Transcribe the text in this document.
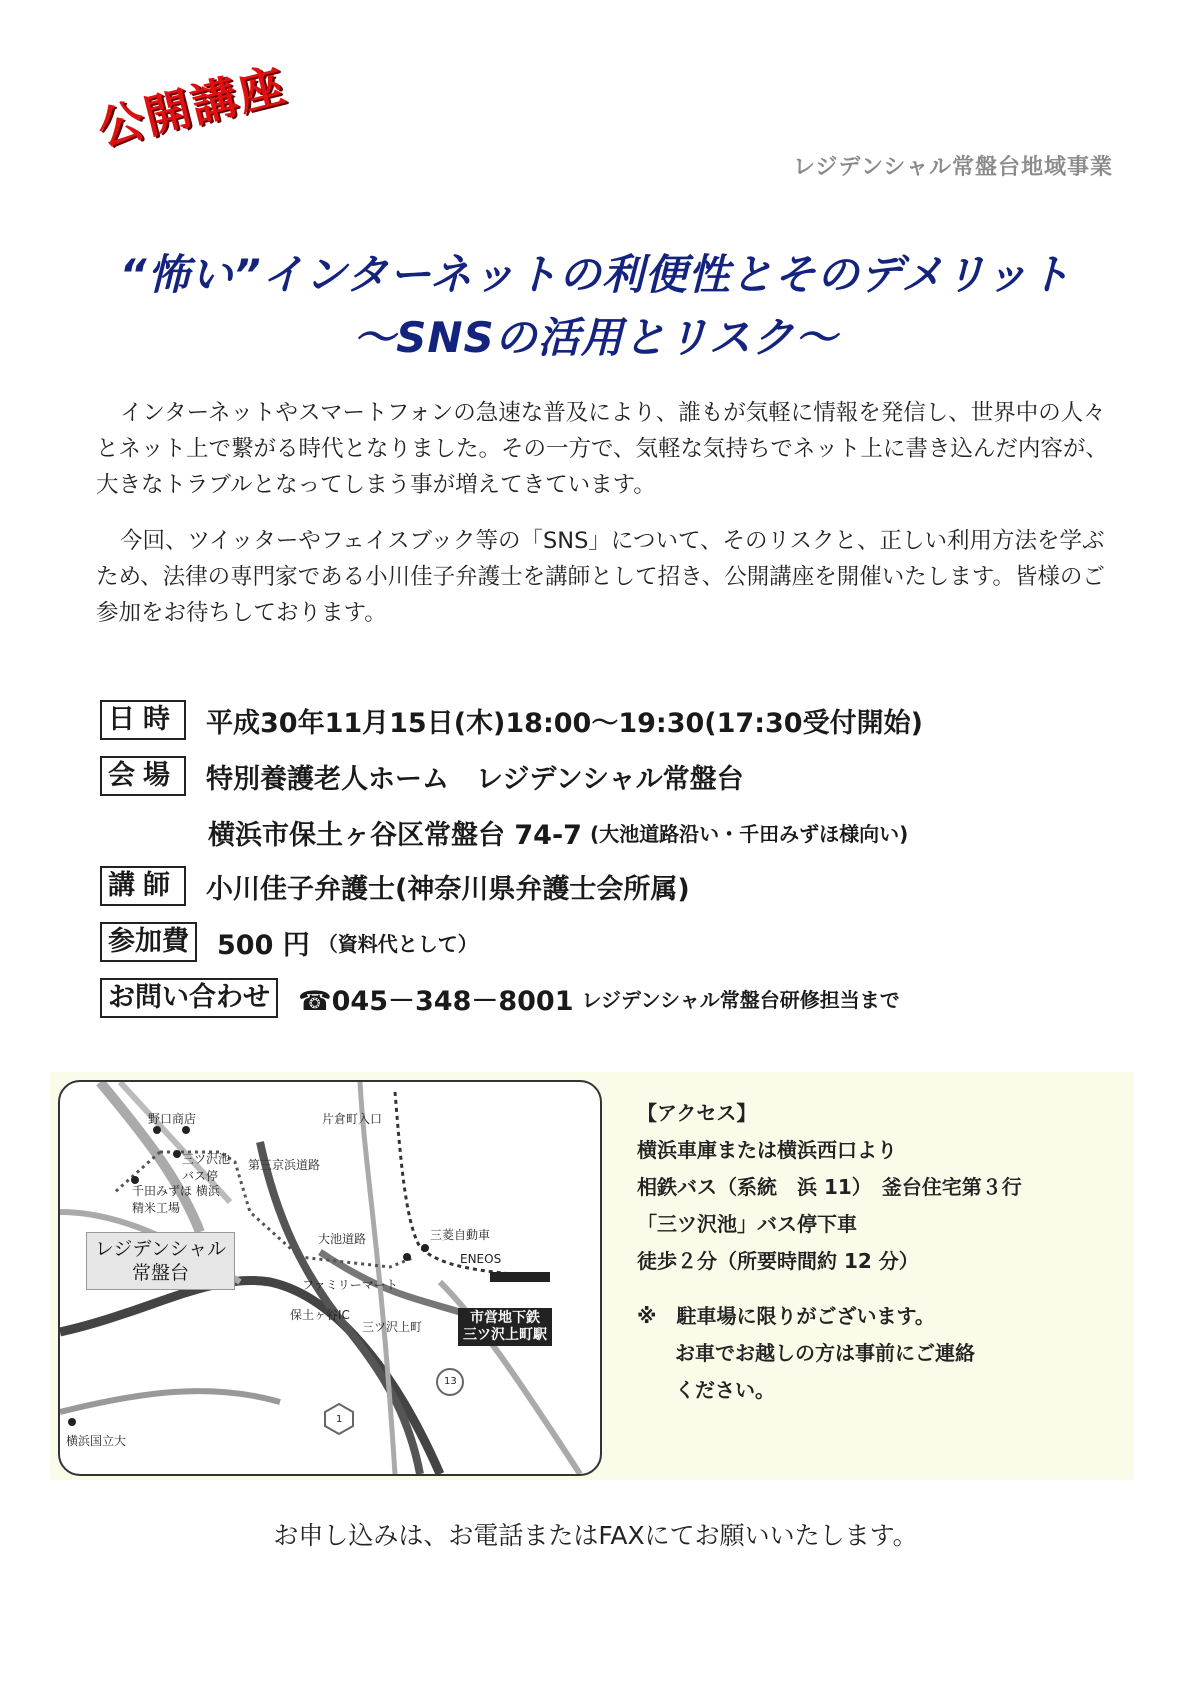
公開講座
レジデンシャル常盤台地域事業
“怖い”インターネットの利便性とそのデメリット
～SNSの活用とリスク～

インターネットやスマートフォンの急速な普及により、誰もが気軽に情報を発信し、世界中の人々とネット上で繋がる時代となりました。その一方で、気軽な気持ちでネット上に書き込んだ内容が、大きなトラブルとなってしまう事が増えてきています。

今回、ツイッターやフェイスブック等の「SNS」について、そのリスクと、正しい利用方法を学ぶため、法律の専門家である小川佳子弁護士を講師として招き、公開講座を開催いたします。皆様のご参加をお待ちしております。

日時 平成30年11月15日(木)18:00～19:30(17:30受付開始)
会場 特別養護老人ホーム　レジデンシャル常盤台
横浜市保土ヶ谷区常盤台 74-7 (大池道路沿い・千田みずほ様向い)
講師 小川佳子弁護士(神奈川県弁護士会所属)
参加費 500 円 （資料代として）
お問い合わせ ☎045－348－8001 レジデンシャル常盤台研修担当まで
野口商店	片倉町入口
三ツ沢池 バス停
第三京浜道路
千田みずほ 横浜精米工場
レジデンシャル 常盤台
大池道路	三菱自動車
ENEOS
ファミリーマート
保土ヶ谷IC
三ツ沢上町
市営地下鉄 三ツ沢上町駅
13
1
横浜国立大
【アクセス】
横浜車庫または横浜西口より
相鉄バス（系統　浜 11）　釜台住宅第３行
「三ツ沢池」バス停下車
徒歩２分（所要時間約 12 分）
※　駐車場に限りがございます。
お車でお越しの方は事前にご連絡
ください。
お申し込みは、お電話またはFAXにてお願いいたします。
